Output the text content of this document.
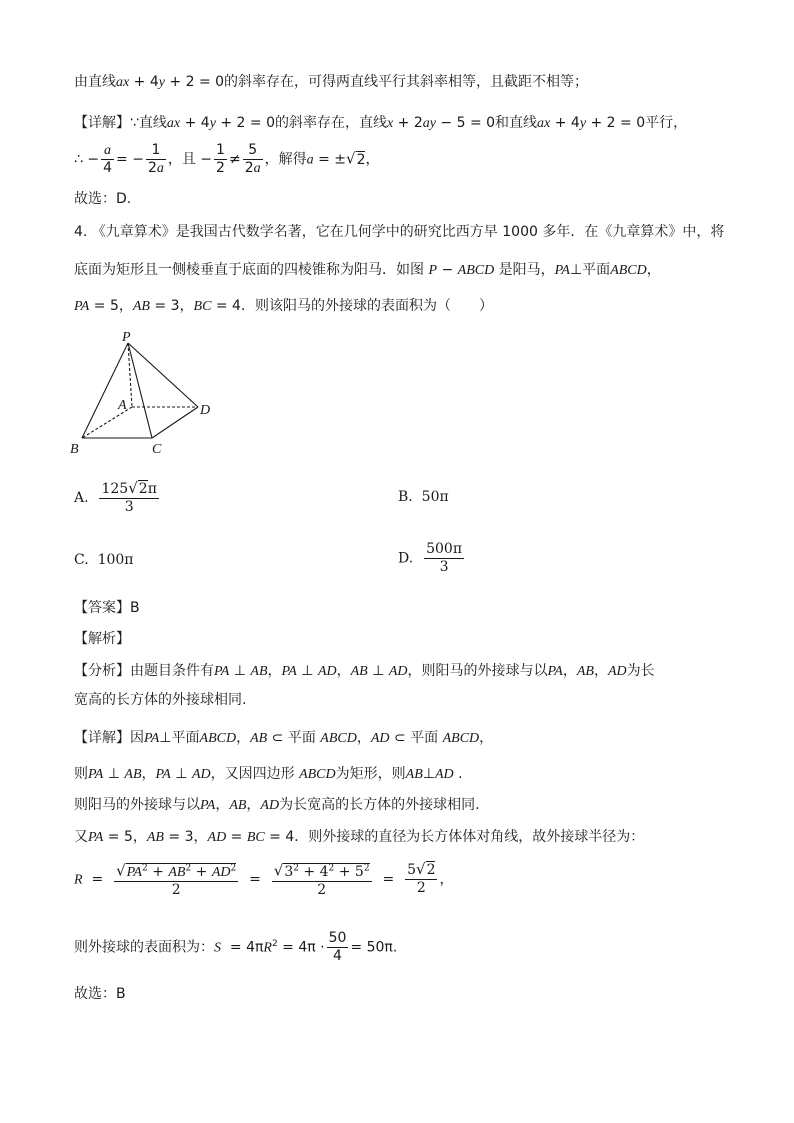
由直线ax + 4y + 2 = 0的斜率存在，可得两直线平行其斜率相等，且截距不相等；
【详解】∵直线ax + 4y + 2 = 0的斜率存在，直线x + 2ay − 5 = 0和直线ax + 4y + 2 = 0平行，
∴ − $\frac{a}{4}$ = − $\frac{1}{2a}$ ，且 − $\frac{1}{2} \ne \frac{5}{2a}$ ，解得a = ±√2，
故选：D.
4. 《九章算术》是我国古代数学名著，它在几何学中的研究比西方早 1000 多年．在《九章算术》中，将
底面为矩形且一侧棱垂直于底面的四棱锥称为阳马．如图 P − ABCD 是阳马，PA⊥平面ABCD，
PA = 5，AB = 3，BC = 4．则该阳马的外接球的表面积为（　　）
P
A	D
B	C
A. $\frac{125√2\pi}{3}$	B. 50π
C. 100π	D. $\frac{500\pi}{3}$
【答案】B
【解析】
【分析】由题目条件有PA ⊥ AB，PA ⊥ AD，AB ⊥ AD，则阳马的外接球与以PA，AB，AD为长
宽高的长方体的外接球相同.
【详解】因PA⊥平面ABCD，AB ⊂ 平面 ABCD，AD ⊂ 平面 ABCD，
则PA ⊥ AB，PA ⊥ AD，又因四边形 ABCD为矩形，则AB⊥AD .
则阳马的外接球与以PA，AB，AD为长宽高的长方体的外接球相同.
又PA = 5，AB = 3，AD = BC = 4．则外接球的直径为长方体体对角线，故外接球半径为：
$R = \frac{√PA^2 + AB^2 + AD^2}{2} = \frac{√3^2 + 4^2 + 5^2}{2} = \frac{5√2}{2}$ ，
则外接球的表面积为：$S = 4\pi R^2 = 4\pi \cdot \frac{50}{4} = 50\pi$.
故选：B
